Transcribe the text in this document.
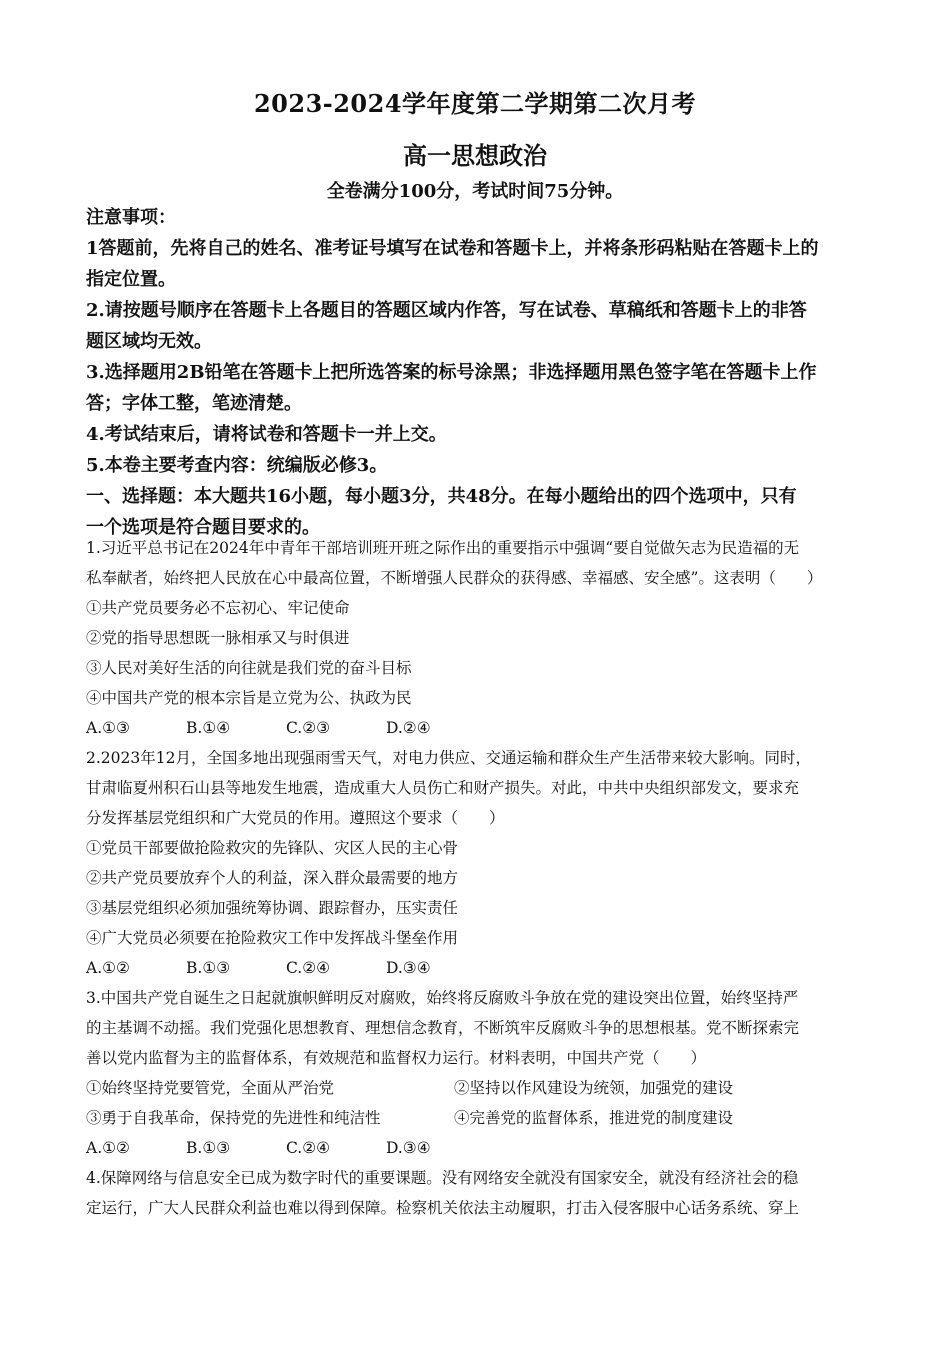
2023-2024学年度第二学期第二次月考
高一思想政治
全卷满分100分，考试时间75分钟。
注意事项：
1答题前，先将自己的姓名、准考证号填写在试卷和答题卡上，并将条形码粘贴在答题卡上的
指定位置。
2.请按题号顺序在答题卡上各题目的答题区域内作答，写在试卷、草稿纸和答题卡上的非答
题区域均无效。
3.选择题用2B铅笔在答题卡上把所选答案的标号涂黑；非选择题用黑色签字笔在答题卡上作
答；字体工整，笔迹清楚。
4.考试结束后，请将试卷和答题卡一并上交。
5.本卷主要考查内容：统编版必修3。
一、选择题：本大题共16小题，每小题3分，共48分。在每小题给出的四个选项中，只有
一个选项是符合题目要求的。
1.习近平总书记在2024年中青年干部培训班开班之际作出的重要指示中强调“要自觉做矢志为民造福的无
私奉献者，始终把人民放在心中最高位置，不断增强人民群众的获得感、幸福感、安全感”。这表明（　　）
①共产党员要务必不忘初心、牢记使命
②党的指导思想既一脉相承又与时俱进
③人民对美好生活的向往就是我们党的奋斗目标
④中国共产党的根本宗旨是立党为公、执政为民
A.①③	B.①④	C.②③	D.②④
2.2023年12月，全国多地出现强雨雪天气，对电力供应、交通运输和群众生产生活带来较大影响。同时，
甘肃临夏州积石山县等地发生地震，造成重大人员伤亡和财产损失。对此，中共中央组织部发文，要求充
分发挥基层党组织和广大党员的作用。遵照这个要求（　　）
①党员干部要做抢险救灾的先锋队、灾区人民的主心骨
②共产党员要放弃个人的利益，深入群众最需要的地方
③基层党组织必须加强统筹协调、跟踪督办，压实责任
④广大党员必须要在抢险救灾工作中发挥战斗堡垒作用
A.①②	B.①③	C.②④	D.③④
3.中国共产党自诞生之日起就旗帜鲜明反对腐败，始终将反腐败斗争放在党的建设突出位置，始终坚持严
的主基调不动摇。我们党强化思想教育、理想信念教育，不断筑牢反腐败斗争的思想根基。党不断探索完
善以党内监督为主的监督体系，有效规范和监督权力运行。材料表明，中国共产党（　　）
①始终坚持党要管党，全面从严治党	②坚持以作风建设为统领，加强党的建设
③勇于自我革命，保持党的先进性和纯洁性	④完善党的监督体系，推进党的制度建设
A.①②	B.①③	C.②④	D.③④
4.保障网络与信息安全已成为数字时代的重要课题。没有网络安全就没有国家安全，就没有经济社会的稳
定运行，广大人民群众利益也难以得到保障。检察机关依法主动履职，打击入侵客服中心话务系统、穿上
